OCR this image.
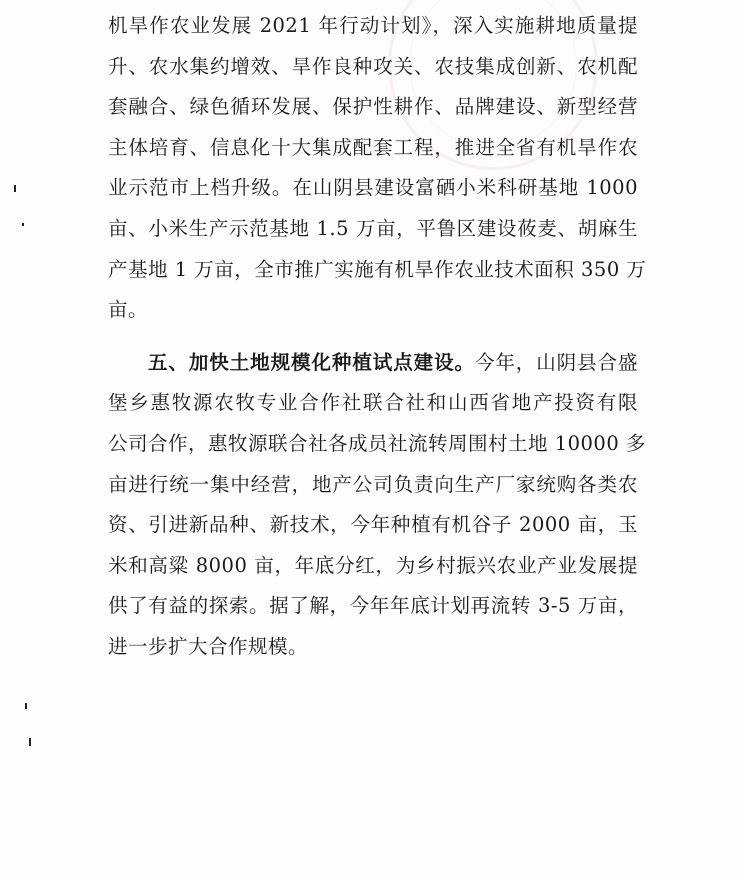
机旱作农业发展 2021 年行动计划》，深入实施耕地质量提
升、农水集约增效、旱作良种攻关、农技集成创新、农机配
套融合、绿色循环发展、保护性耕作、品牌建设、新型经营
主体培育、信息化十大集成配套工程，推进全省有机旱作农
业示范市上档升级。在山阴县建设富硒小米科研基地 1000
亩、小米生产示范基地 1.5 万亩，平鲁区建设莜麦、胡麻生
产基地 1 万亩，全市推广实施有机旱作农业技术面积 350 万
亩。
五、加快土地规模化种植试点建设。今年，山阴县合盛
堡乡惠牧源农牧专业合作社联合社和山西省地产投资有限
公司合作，惠牧源联合社各成员社流转周围村土地 10000 多
亩进行统一集中经营，地产公司负责向生产厂家统购各类农
资、引进新品种、新技术，今年种植有机谷子 2000 亩，玉
米和高粱 8000 亩，年底分红，为乡村振兴农业产业发展提
供了有益的探索。据了解，今年年底计划再流转 3-5 万亩，
进一步扩大合作规模。
